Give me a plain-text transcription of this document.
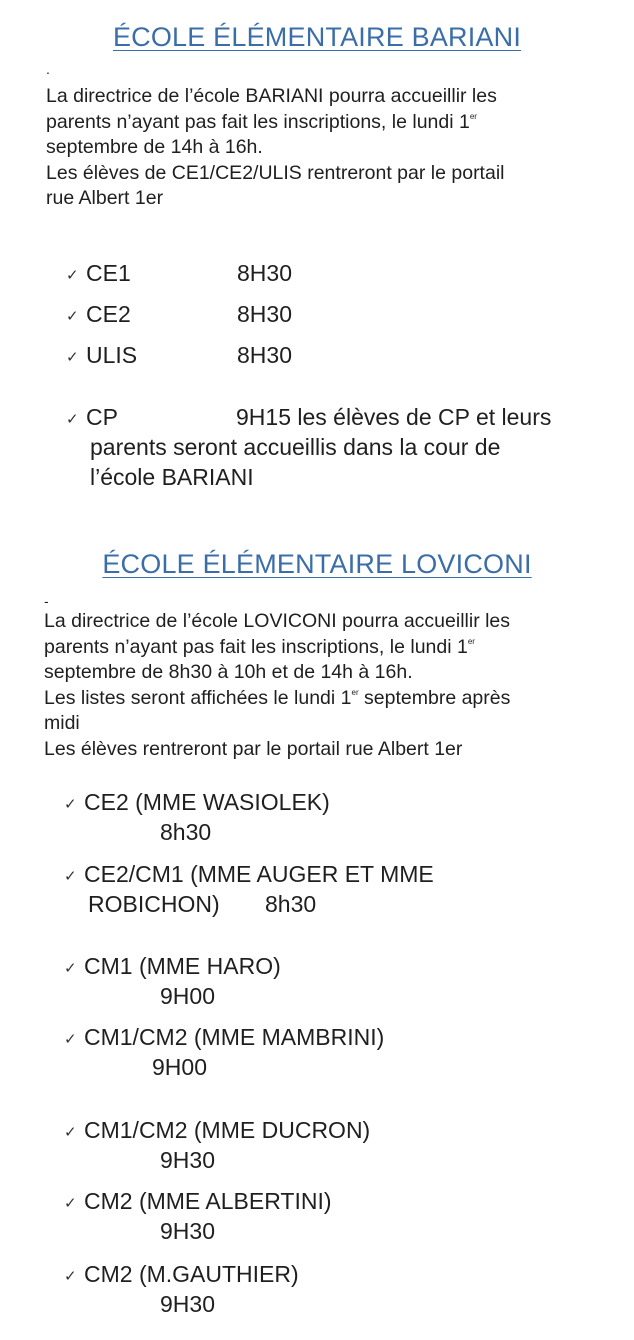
ÉCOLE ÉLÉMENTAIRE BARIANI
.

La directrice de l’école BARIANI pourra accueillir les

parents n’ayant pas fait les inscriptions, le lundi 1er

septembre de 14h à 16h.

Les élèves de CE1/CE2/ULIS rentreront par le portail

rue Albert 1er

✓ CE1	8H30
✓ CE2	8H30
✓ ULIS	8H30
✓ CP	9H15 les élèves de CP et leurs
parents seront accueillis dans la cour de
l’école BARIANI
ÉCOLE ÉLÉMENTAIRE LOVICONI
-

La directrice de l’école LOVICONI pourra accueillir les

parents n’ayant pas fait les inscriptions, le lundi 1er

septembre de 8h30 à 10h et de 14h à 16h.

Les listes seront affichées le lundi 1er septembre après

midi

Les élèves rentreront par le portail rue Albert 1er

✓ CE2 (MME WASIOLEK)
8h30
✓ CE2/CM1 (MME AUGER ET MME
ROBICHON) 8h30
✓ CM1 (MME HARO)
9H00
✓ CM1/CM2 (MME MAMBRINI)
9H00
✓ CM1/CM2 (MME DUCRON)
9H30
✓ CM2 (MME ALBERTINI)
9H30
✓ CM2 (M.GAUTHIER)
9H30
